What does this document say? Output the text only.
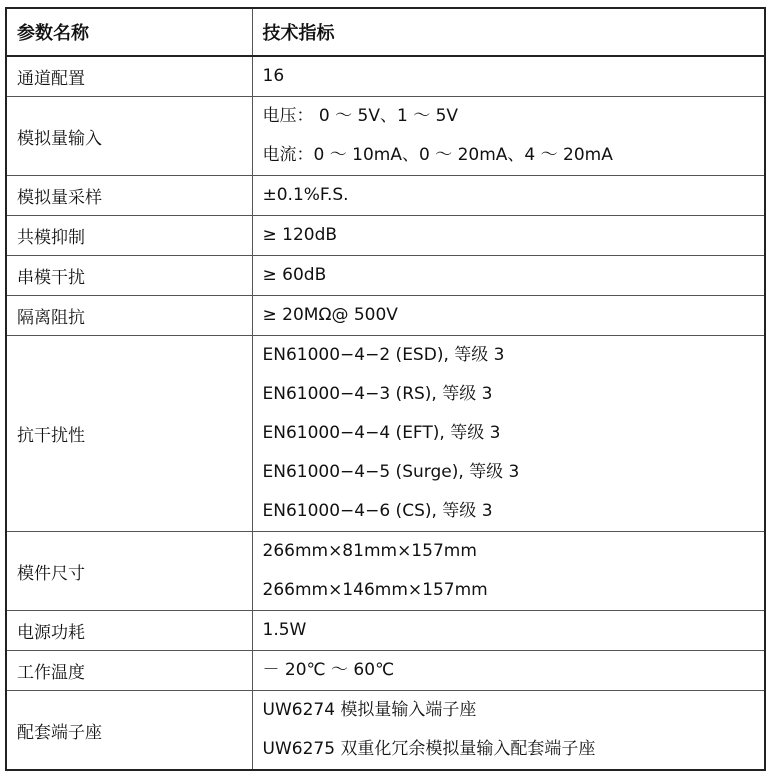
参数名称	技术指标
通道配置	16

模拟量输入	电压： 0 ～ 5V、1 ～ 5V
电流：0 ～ 10mA、0 ～ 20mA、4 ～ 20mA

模拟量采样	±0.1%F.S.

共模抑制	≥ 120dB

串模干扰	≥ 60dB

隔离阻抗	≥ 20MΩ@ 500V

抗干扰性	EN61000−4−2 (ESD), 等级 3
EN61000−4−3 (RS), 等级 3
EN61000−4−4 (EFT), 等级 3
EN61000−4−5 (Surge), 等级 3
EN61000−4−6 (CS), 等级 3

模件尺寸	266mm×81mm×157mm
266mm×146mm×157mm

电源功耗	1.5W

工作温度	－ 20℃ ～ 60℃

配套端子座	UW6274 模拟量输入端子座
UW6275 双重化冗余模拟量输入配套端子座
